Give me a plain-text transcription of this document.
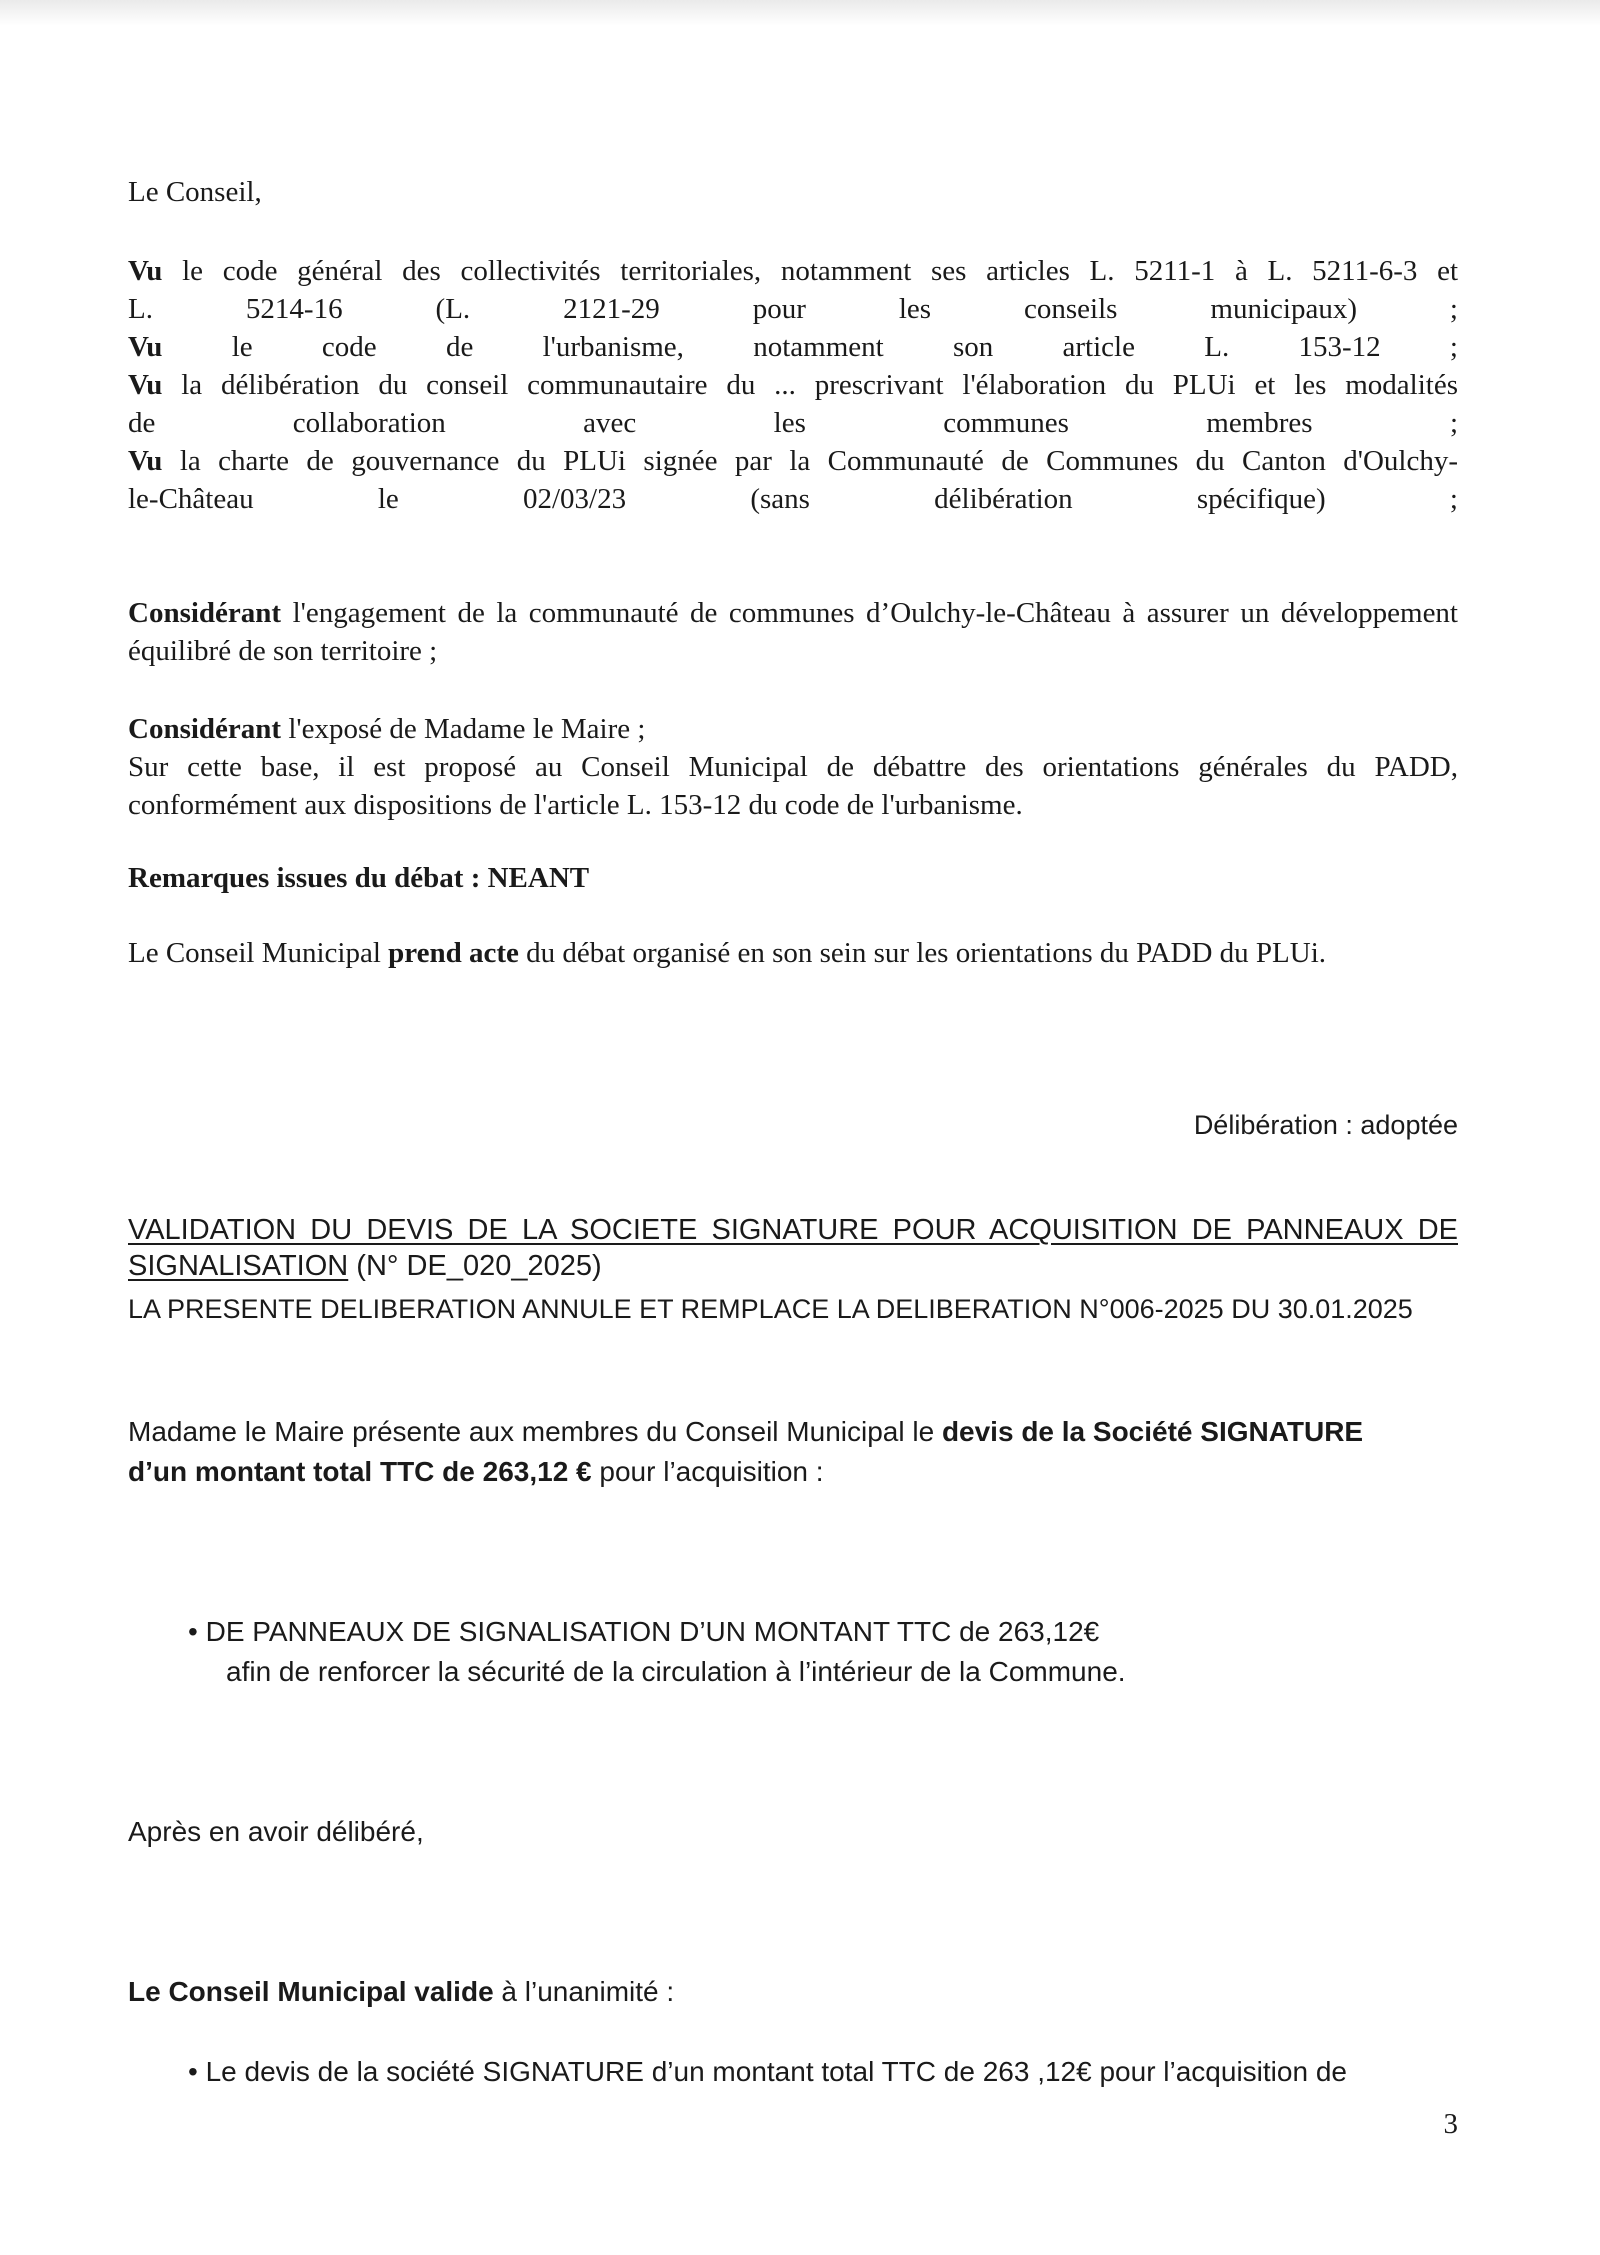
Le Conseil,
Vu le code général des collectivités territoriales, notamment ses articles L. 5211-1 à L. 5211-6-3 et
L. 5214-16 (L. 2121-29 pour les conseils municipaux) ;
Vu le code de l'urbanisme, notamment son article L. 153-12 ;
Vu la délibération du conseil communautaire du ... prescrivant l'élaboration du PLUi et les modalités
de collaboration avec les communes membres ;
Vu la charte de gouvernance du PLUi signée par la Communauté de Communes du Canton d'Oulchy-
le-Château le 02/03/23 (sans délibération spécifique) ;
Considérant l'engagement de la communauté de communes d’Oulchy-le-Château à assurer un développement équilibré de son territoire ;
Considérant l'exposé de Madame le Maire ;
Sur cette base, il est proposé au Conseil Municipal de débattre des orientations générales du PADD, conformément aux dispositions de l'article L. 153-12 du code de l'urbanisme.
Remarques issues du débat : NEANT
Le Conseil Municipal prend acte du débat organisé en son sein sur les orientations du PADD du PLUi.
Délibération : adoptée
VALIDATION DU DEVIS DE LA SOCIETE SIGNATURE POUR ACQUISITION DE PANNEAUX DE
SIGNALISATION (N° DE_020_2025)
LA PRESENTE DELIBERATION ANNULE ET REMPLACE LA DELIBERATION N°006-2025 DU 30.01.2025
Madame le Maire présente aux membres du Conseil Municipal le devis de la Société SIGNATURE
d’un montant total TTC de 263,12 € pour l’acquisition :
• DE PANNEAUX DE SIGNALISATION D’UN MONTANT TTC de 263,12€
afin de renforcer la sécurité de la circulation à l’intérieur de la Commune.
Après en avoir délibéré,
Le Conseil Municipal valide à l’unanimité :
• Le devis de la société SIGNATURE d’un montant total TTC de 263 ,12€ pour l’acquisition de
3
